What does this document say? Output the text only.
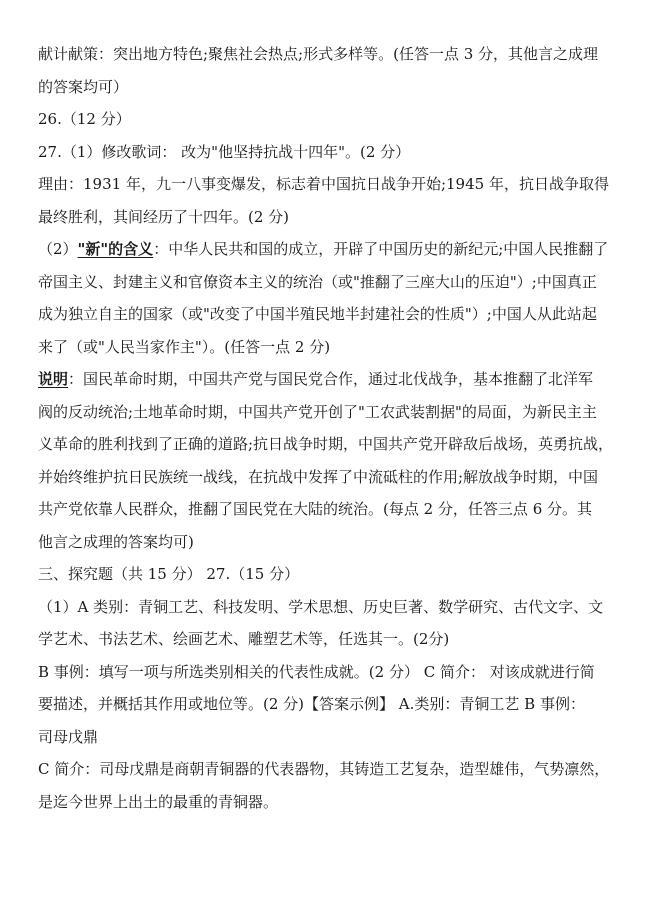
献计献策：突出地方特色;聚焦社会热点;形式多样等。(任答一点 3 分，其他言之成理
的答案均可）
26.（12 分）
27.（1）修改歌词： 改为"他坚持抗战十四年"。(2 分）
理由：1931 年，九一八事变爆发，标志着中国抗日战争开始;1945 年，抗日战争取得
最终胜利，其间经历了十四年。(2 分)
（2）"新"的含义：中华人民共和国的成立，开辟了中国历史的新纪元;中国人民推翻了
帝国主义、封建主义和官僚资本主义的统治（或"推翻了三座大山的压迫"）;中国真正
成为独立自主的国家（或"改变了中国半殖民地半封建社会的性质"）;中国人从此站起
来了（或"人民当家作主"）。(任答一点 2 分)
说明：国民革命时期，中国共产党与国民党合作，通过北伐战争，基本推翻了北洋军
阀的反动统治;土地革命时期，中国共产党开创了"工农武装割据"的局面，为新民主主
义革命的胜利找到了正确的道路;抗日战争时期，中国共产党开辟敌后战场，英勇抗战，
并始终维护抗日民族统一战线，在抗战中发挥了中流砥柱的作用;解放战争时期，中国
共产党依靠人民群众，推翻了国民党在大陆的统治。(每点 2 分，任答三点 6 分。其
他言之成理的答案均可)
三、探究题（共 15 分） 27.（15 分）
（1）A 类别：青铜工艺、科技发明、学术思想、历史巨著、数学研究、古代文字、文
学艺术、书法艺术、绘画艺术、雕塑艺术等，任选其一。(2分)
B 事例：填写一项与所选类别相关的代表性成就。(2 分） C 简介： 对该成就进行简
要描述，并概括其作用或地位等。(2 分)【答案示例】 A.类别：青铜工艺 B 事例：
司母戊鼎
C 简介：司母戊鼎是商朝青铜器的代表器物，其铸造工艺复杂，造型雄伟，气势凛然，
是迄今世界上出土的最重的青铜器。
